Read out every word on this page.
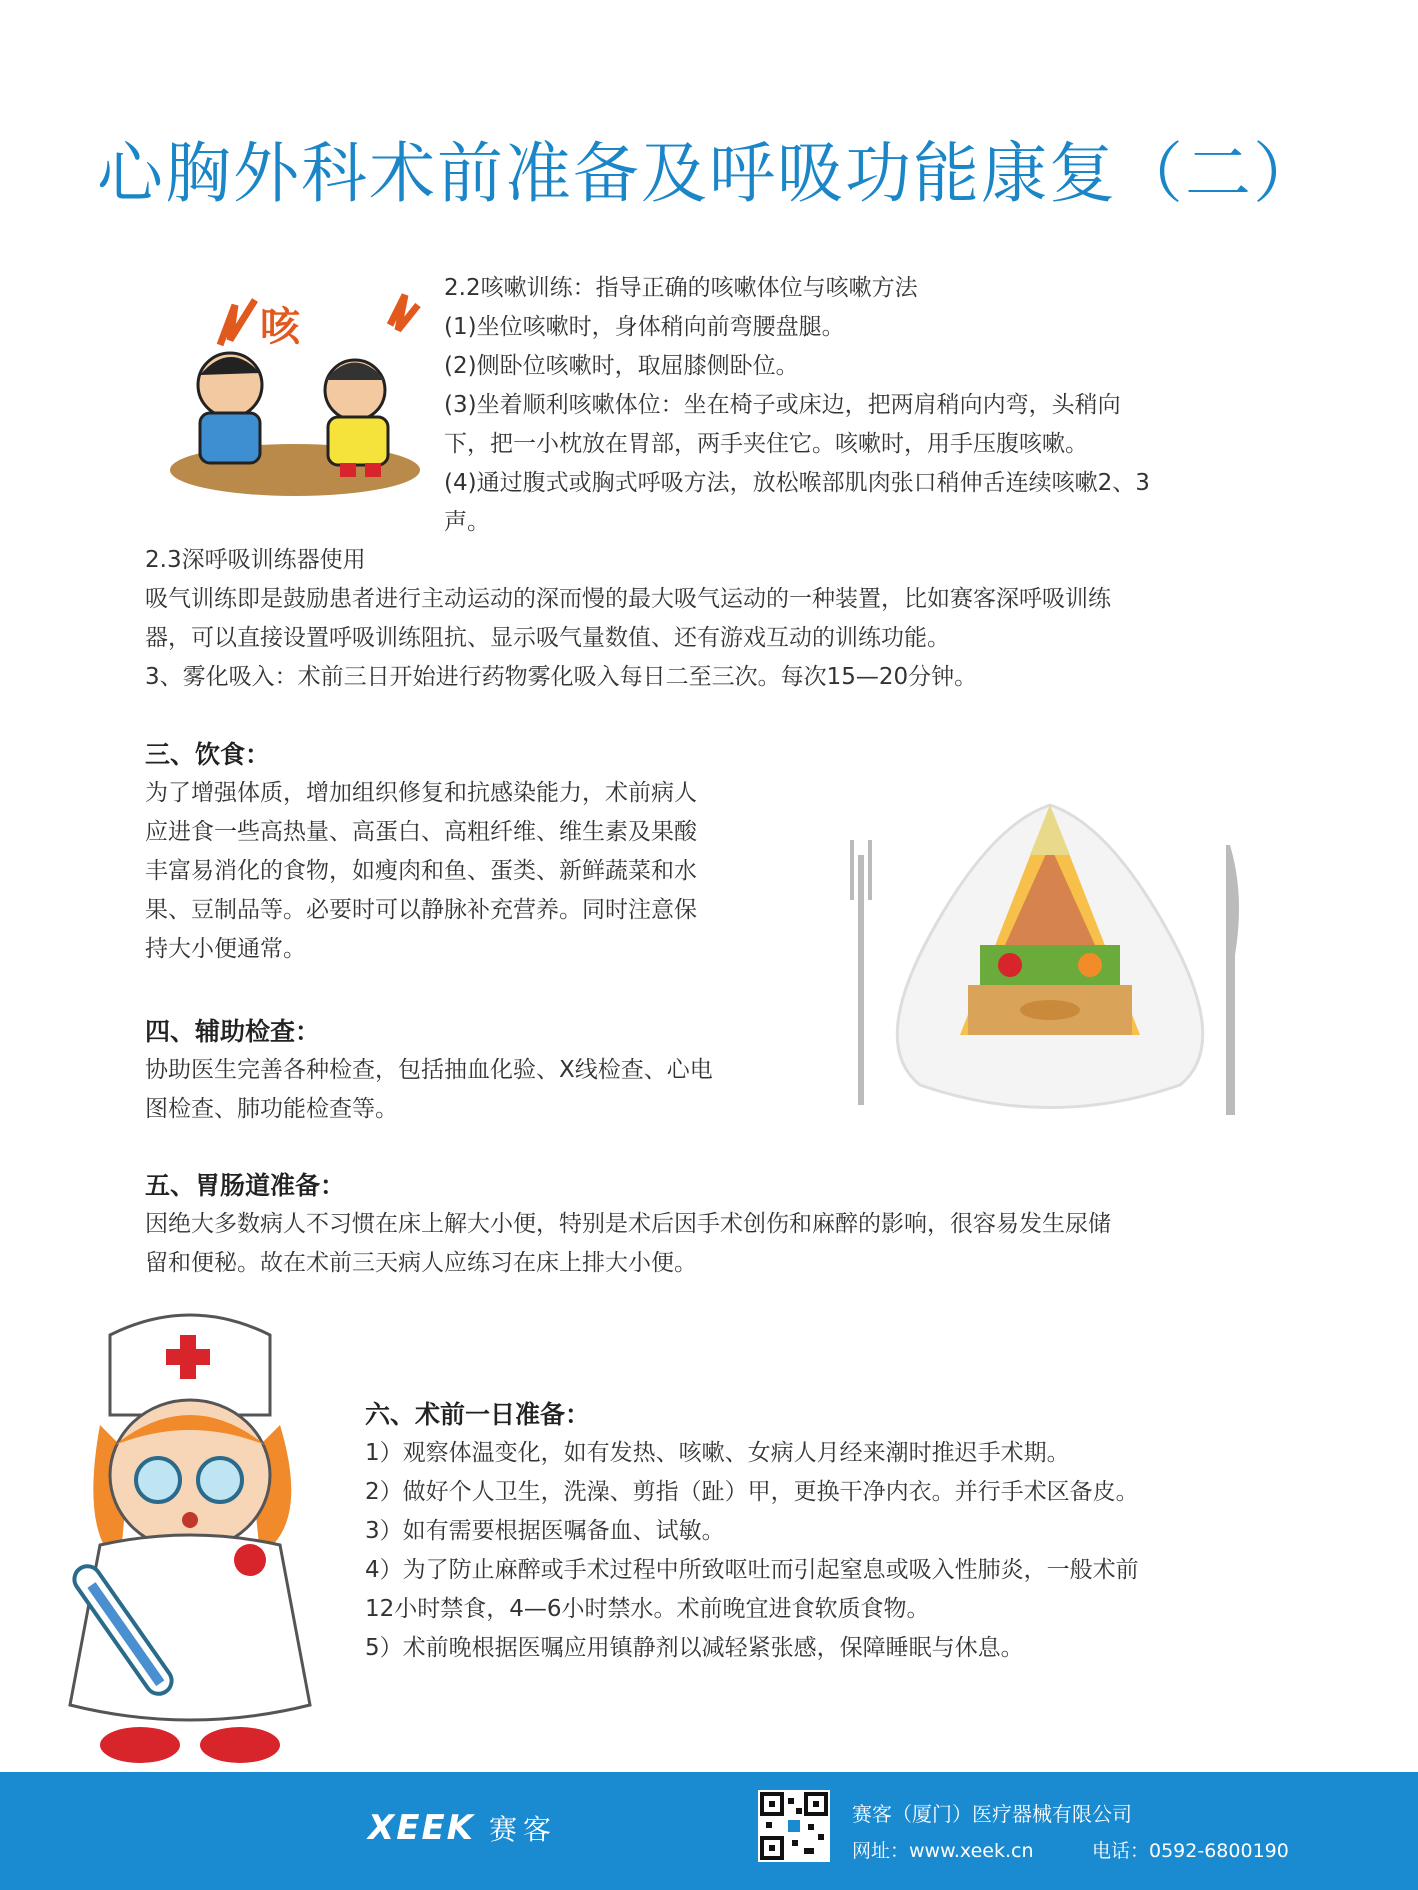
心胸外科术前准备及呼吸功能康复（二）
咳

2.2咳嗽训练：指导正确的咳嗽体位与咳嗽方法

(1)坐位咳嗽时，身体稍向前弯腰盘腿。

(2)侧卧位咳嗽时，取屈膝侧卧位。

(3)坐着顺利咳嗽体位：坐在椅子或床边，把两肩稍向内弯，头稍向

下，把一小枕放在胃部，两手夹住它。咳嗽时，用手压腹咳嗽。

(4)通过腹式或胸式呼吸方法，放松喉部肌肉张口稍伸舌连续咳嗽2、3

声。

2.3深呼吸训练器使用

吸气训练即是鼓励患者进行主动运动的深而慢的最大吸气运动的一种装置，比如赛客深呼吸训练

器，可以直接设置呼吸训练阻抗、显示吸气量数值、还有游戏互动的训练功能。

3、雾化吸入：术前三日开始进行药物雾化吸入每日二至三次。每次15—20分钟。

三、饮食：

为了增强体质，增加组织修复和抗感染能力，术前病人

应进食一些高热量、高蛋白、高粗纤维、维生素及果酸

丰富易消化的食物，如瘦肉和鱼、蛋类、新鲜蔬菜和水

果、豆制品等。必要时可以静脉补充营养。同时注意保

持大小便通常。

四、辅助检查：

协助医生完善各种检查，包括抽血化验、X线检查、心电

图检查、肺功能检查等。

五、胃肠道准备：

因绝大多数病人不习惯在床上解大小便，特别是术后因手术创伤和麻醉的影响，很容易发生尿储

留和便秘。故在术前三天病人应练习在床上排大小便。

六、术前一日准备：

1）观察体温变化，如有发热、咳嗽、女病人月经来潮时推迟手术期。

2）做好个人卫生，洗澡、剪指（趾）甲，更换干净内衣。并行手术区备皮。

3）如有需要根据医嘱备血、试敏。

4）为了防止麻醉或手术过程中所致呕吐而引起窒息或吸入性肺炎，一般术前

12小时禁食，4—6小时禁水。术前晚宜进食软质食物。

5）术前晚根据医嘱应用镇静剂以减轻紧张感，保障睡眠与休息。

XEEK 赛客	赛客（厦门）医疗器械有限公司
网址：www.xeek.cn	电话：0592-6800190
